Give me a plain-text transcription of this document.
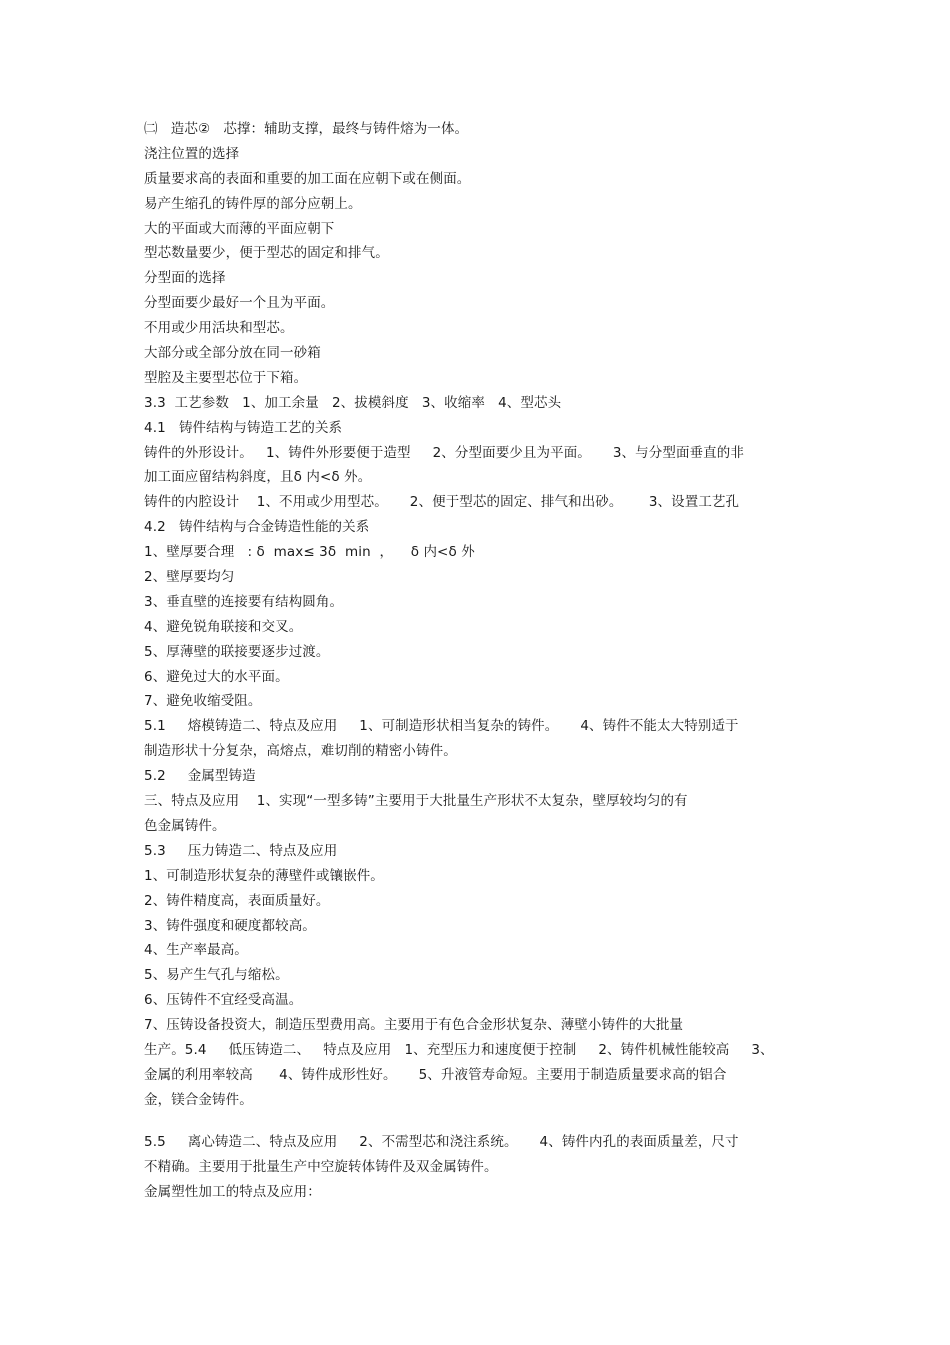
㈡   造芯②   芯撑：辅助支撑，最终与铸件熔为一体。
浇注位置的选择
质量要求高的表面和重要的加工面在应朝下或在侧面。
易产生缩孔的铸件厚的部分应朝上。
大的平面或大而薄的平面应朝下
型芯数量要少，便于型芯的固定和排气。
分型面的选择
分型面要少最好一个且为平面。
不用或少用活块和型芯。
大部分或全部分放在同一砂箱
型腔及主要型芯位于下箱。
3.3  工艺参数   1、加工余量   2、拔模斜度   3、收缩率   4、型芯头
4.1   铸件结构与铸造工艺的关系
铸件的外形设计。   1、铸件外形要便于造型     2、分型面要少且为平面。     3、与分型面垂直的非
加工面应留结构斜度，且δ 内<δ 外。
铸件的内腔设计    1、不用或少用型芯。     2、便于型芯的固定、排气和出砂。      3、设置工艺孔
4.2   铸件结构与合金铸造性能的关系
1、壁厚要合理   : δ  max≤ 3δ  min  ，    δ 内<δ 外
2、壁厚要均匀
3、垂直壁的连接要有结构圆角。
4、避免锐角联接和交叉。
5、厚薄壁的联接要逐步过渡。
6、避免过大的水平面。
7、避免收缩受阻。
5.1     熔模铸造二、特点及应用     1、可制造形状相当复杂的铸件。     4、铸件不能太大特别适于
制造形状十分复杂，高熔点，难切削的精密小铸件。
5.2     金属型铸造
三、特点及应用    1、实现“一型多铸”主要用于大批量生产形状不太复杂，壁厚较均匀的有
色金属铸件。
5.3     压力铸造二、特点及应用
1、可制造形状复杂的薄壁件或镶嵌件。
2、铸件精度高，表面质量好。
3、铸件强度和硬度都较高。
4、生产率最高。
5、易产生气孔与缩松。
6、压铸件不宜经受高温。
7、压铸设备投资大，制造压型费用高。主要用于有色合金形状复杂、薄壁小铸件的大批量
生产。5.4     低压铸造二、   特点及应用   1、充型压力和速度便于控制     2、铸件机械性能较高     3、
金属的利用率较高      4、铸件成形性好。     5、升液管寿命短。主要用于制造质量要求高的铝合
金，镁合金铸件。
5.5     离心铸造二、特点及应用     2、不需型芯和浇注系统。     4、铸件内孔的表面质量差，尺寸
不精确。主要用于批量生产中空旋转体铸件及双金属铸件。
金属塑性加工的特点及应用：
